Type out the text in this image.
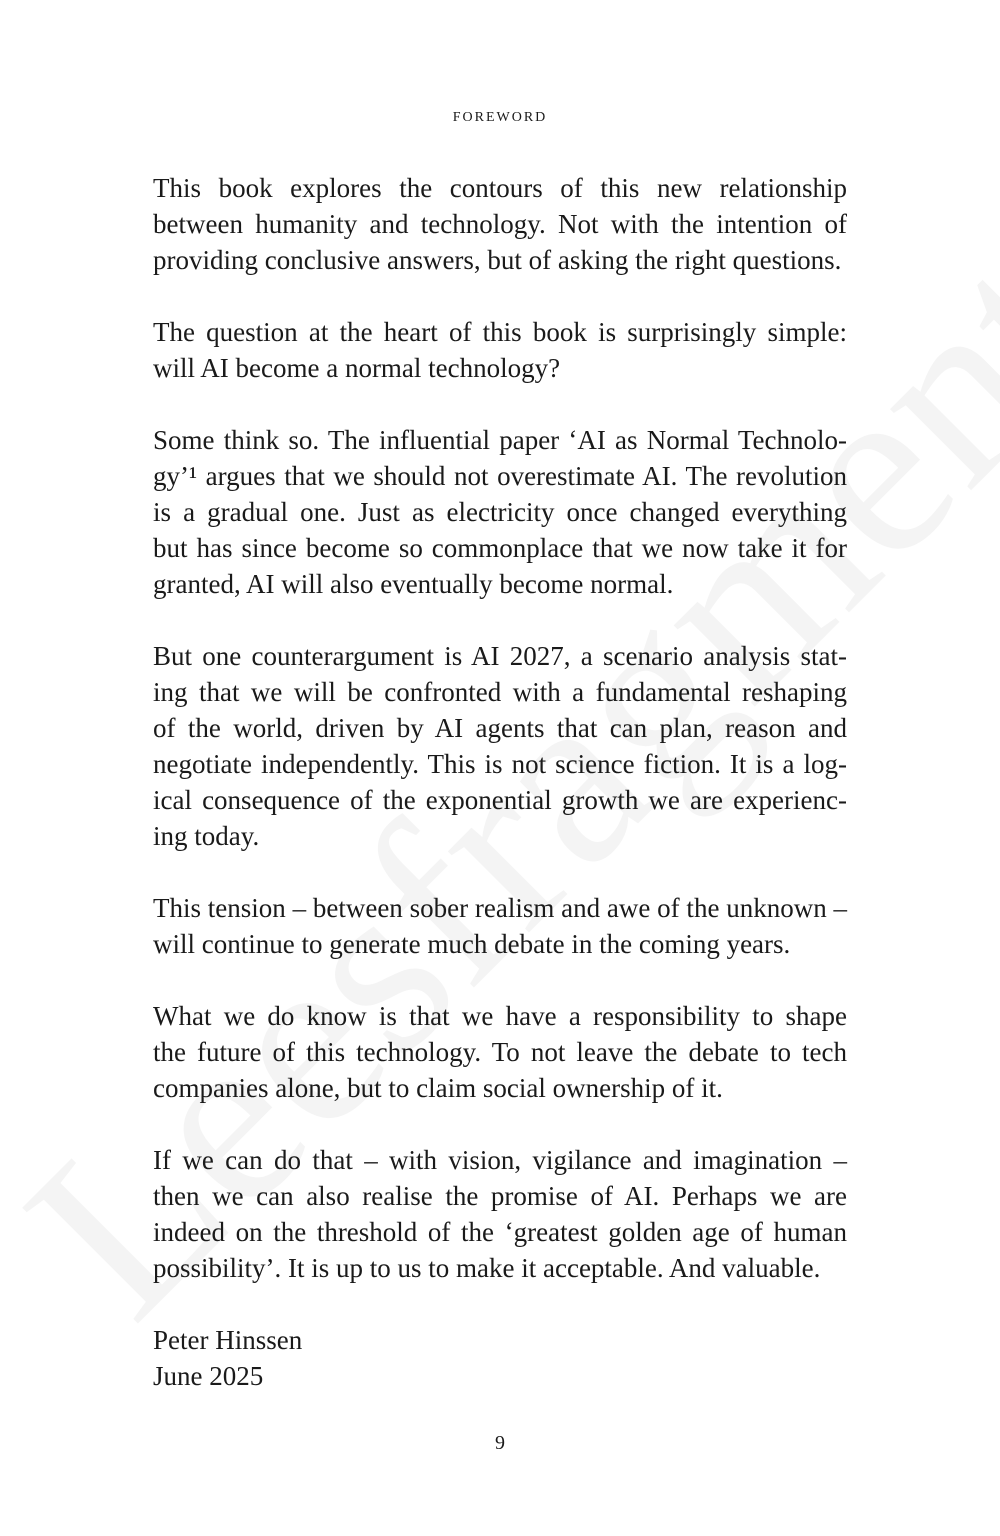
FOREWORD

This book explores the contours of this new relationship
between humanity and technology. Not with the intention of
providing conclusive answers, but of asking the right questions.

The question at the heart of this book is surprisingly simple:
will AI become a normal technology?

Some think so. The influential paper ‘AI as Normal Technolo-
gy’¹ argues that we should not overestimate AI. The revolution
is a gradual one. Just as electricity once changed everything
but has since become so commonplace that we now take it for
granted, AI will also eventually become normal.

But one counterargument is AI 2027, a scenario analysis stat-
ing that we will be confronted with a fundamental reshaping
of the world, driven by AI agents that can plan, reason and
negotiate independently. This is not science fiction. It is a log-
ical consequence of the exponential growth we are experienc-
ing today.

This tension – between sober realism and awe of the unknown –
will continue to generate much debate in the coming years.

What we do know is that we have a responsibility to shape
the future of this technology. To not leave the debate to tech
companies alone, but to claim social ownership of it.

If we can do that – with vision, vigilance and imagination –
then we can also realise the promise of AI. Perhaps we are
indeed on the threshold of the ‘greatest golden age of human
possibility’. It is up to us to make it acceptable. And valuable.

Peter Hinssen
June 2025
9
